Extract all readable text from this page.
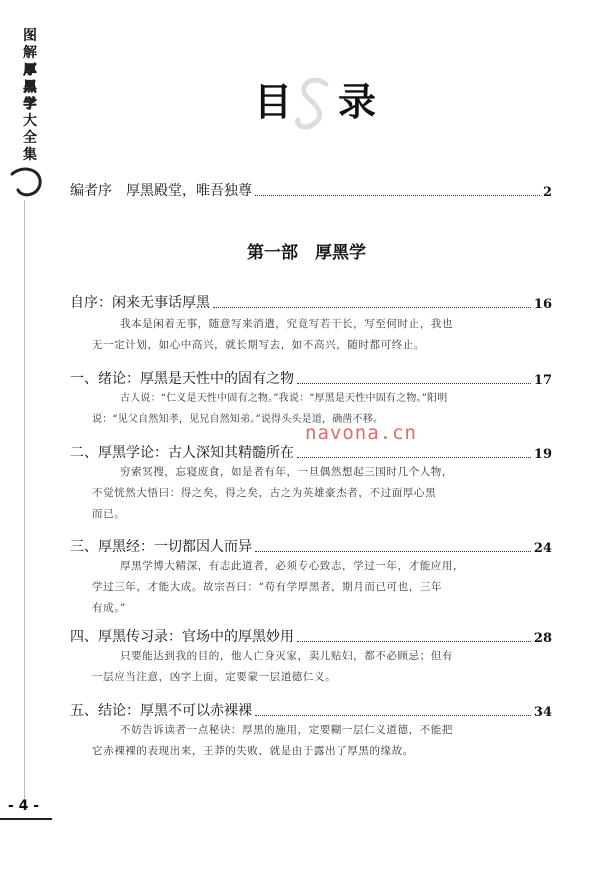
图
解
厚
黑
学
大
全
集
- 4 -
目 录
编者序　厚黑殿堂，唯吾独尊	2
第一部　厚黑学
自序：闲来无事话厚黑	16
我本是闲着无事，随意写来消遣，究竟写若干长，写至何时止，我也
无一定计划，如心中高兴，就长期写去，如不高兴，随时都可终止。
一、绪论：厚黑是天性中的固有之物	17
古人说：“仁义是天性中固有之物。”我说：“厚黑是天性中固有之物。”阳明
说：“见父自然知孝，见兄自然知弟。”说得头头是道，确凿不移。
二、厚黑学论：古人深知其精髓所在	19
穷索冥搜，忘寝废食，如是者有年，一旦偶然想起三国时几个人物，
不觉恍然大悟曰：得之矣，得之矣，古之为英雄豪杰者，不过面厚心黑
而已。
三、厚黑经：一切都因人而异	24
厚黑学博大精深，有志此道者，必须专心致志，学过一年，才能应用，
学过三年，才能大成。故宗吾曰：“苟有学厚黑者，期月而已可也，三年
有成。”
四、厚黑传习录：官场中的厚黑妙用	28
只要能达到我的目的，他人亡身灭家，卖儿贴妇，都不必顾忌；但有
一层应当注意，凶字上面，定要蒙一层道德仁义。
五、结论：厚黑不可以赤裸裸	34
不妨告诉读者一点秘诀：厚黑的施用，定要糊一层仁义道德，不能把
它赤裸裸的表现出来，王莽的失败，就是由于露出了厚黑的缘故。
navona.cn
